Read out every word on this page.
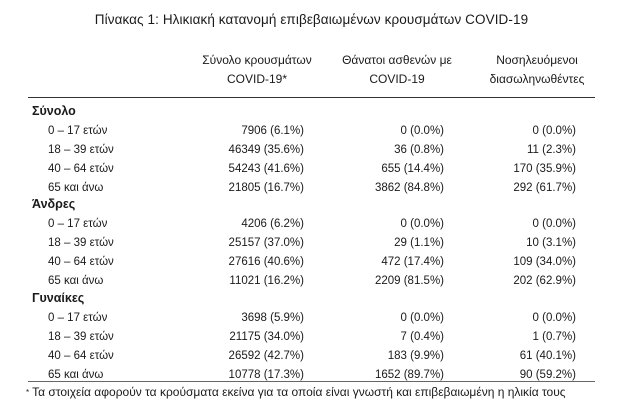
Πίνακας 1: Ηλικιακή κατανομή επιβεβαιωμένων κρουσμάτων COVID-19
Σύνολο κρουσμάτων
COVID-19*
Θάνατοι ασθενών με
COVID-19
Νοσηλευόμενοι
διασωληνωθέντες
Σύνολο
0 – 17 ετών	7906 (6.1%)	0 (0.0%)	0 (0.0%)
18 – 39 ετών	46349 (35.6%)	36 (0.8%)	11 (2.3%)
40 – 64 ετών	54243 (41.6%)	655 (14.4%)	170 (35.9%)
65 και άνω	21805 (16.7%)	3862 (84.8%)	292 (61.7%)
Άνδρες
0 – 17 ετών	4206 (6.2%)	0 (0.0%)	0 (0.0%)
18 – 39 ετών	25157 (37.0%)	29 (1.1%)	10 (3.1%)
40 – 64 ετών	27616 (40.6%)	472 (17.4%)	109 (34.0%)
65 και άνω	11021 (16.2%)	2209 (81.5%)	202 (62.9%)
Γυναίκες
0 – 17 ετών	3698 (5.9%)	0 (0.0%)	0 (0.0%)
18 – 39 ετών	21175 (34.0%)	7 (0.4%)	1 (0.7%)
40 – 64 ετών	26592 (42.7%)	183 (9.9%)	61 (40.1%)
65 και άνω	10778 (17.3%)	1652 (89.7%)	90 (59.2%)
* Τα στοιχεία αφορούν τα κρούσματα εκείνα για τα οποία είναι γνωστή και επιβεβαιωμένη η ηλικία τους
